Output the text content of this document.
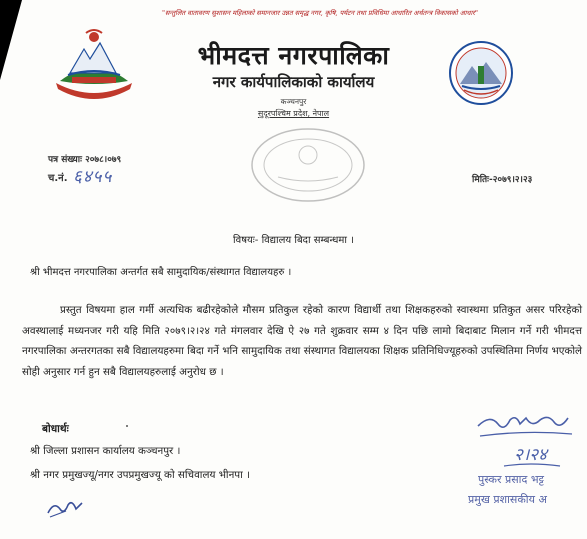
"सन्तुलित वातावरण सुशासन महिलाको समानजार उन्नत समृद्ध नगर, कृषि, पर्यटन तथा प्रविधिमा आधारित अर्थतन्त्र विकासको आधार"
भीमदत्त नगरपालिका
नगर कार्यपालिकाको कार्यालय
कञ्चनपुर
सुदूरपश्चिम प्रदेश, नेपाल
पत्र संख्याः २०७८।०७९
च.नं. ६४५५	मितिः-२०७९।२।२३
विषयः- विद्यालय बिदा सम्बन्धमा ।
श्री भीमदत्त नगरपालिका अन्तर्गत सबै सामुदायिक/संस्थागत विद्यालयहरु ।
प्रस्तुत विषयमा हाल गर्मी अत्यधिक बढीरहेकोले मौसम प्रतिकुल रहेको कारण विद्यार्थी तथा शिक्षकहरुको स्वास्थमा प्रतिकुत असर परिरहेको अवस्थालाई मध्यनजर गरी यहि मिति २०७९।२।२४ गते मंगलवार देखि ऐ २७ गते शुक्रवार सम्म ४ दिन पछि लामो बिदाबाट मिलान गर्ने गरी भीमदत्त नगरपालिका अन्तरगतका सबै विद्यालयहरुमा बिदा गर्ने भनि सामुदायिक तथा संस्थागत विद्यालयका शिक्षक प्रतिनिधिज्यूहरुको उपस्थितिमा निर्णय भएकोले सोही अनुसार गर्न हुन सबै विद्यालयहरुलाई अनुरोध छ ।
बोधार्थः
श्री जिल्ला प्रशासन कार्यालय कञ्चनपुर ।
श्री नगर प्रमुखज्यू/नगर उपप्रमुखज्यू को सचिवालय भीनपा ।
२।२४
पुस्कर प्रसाद भट्ट
प्रमुख प्रशासकीय अ
